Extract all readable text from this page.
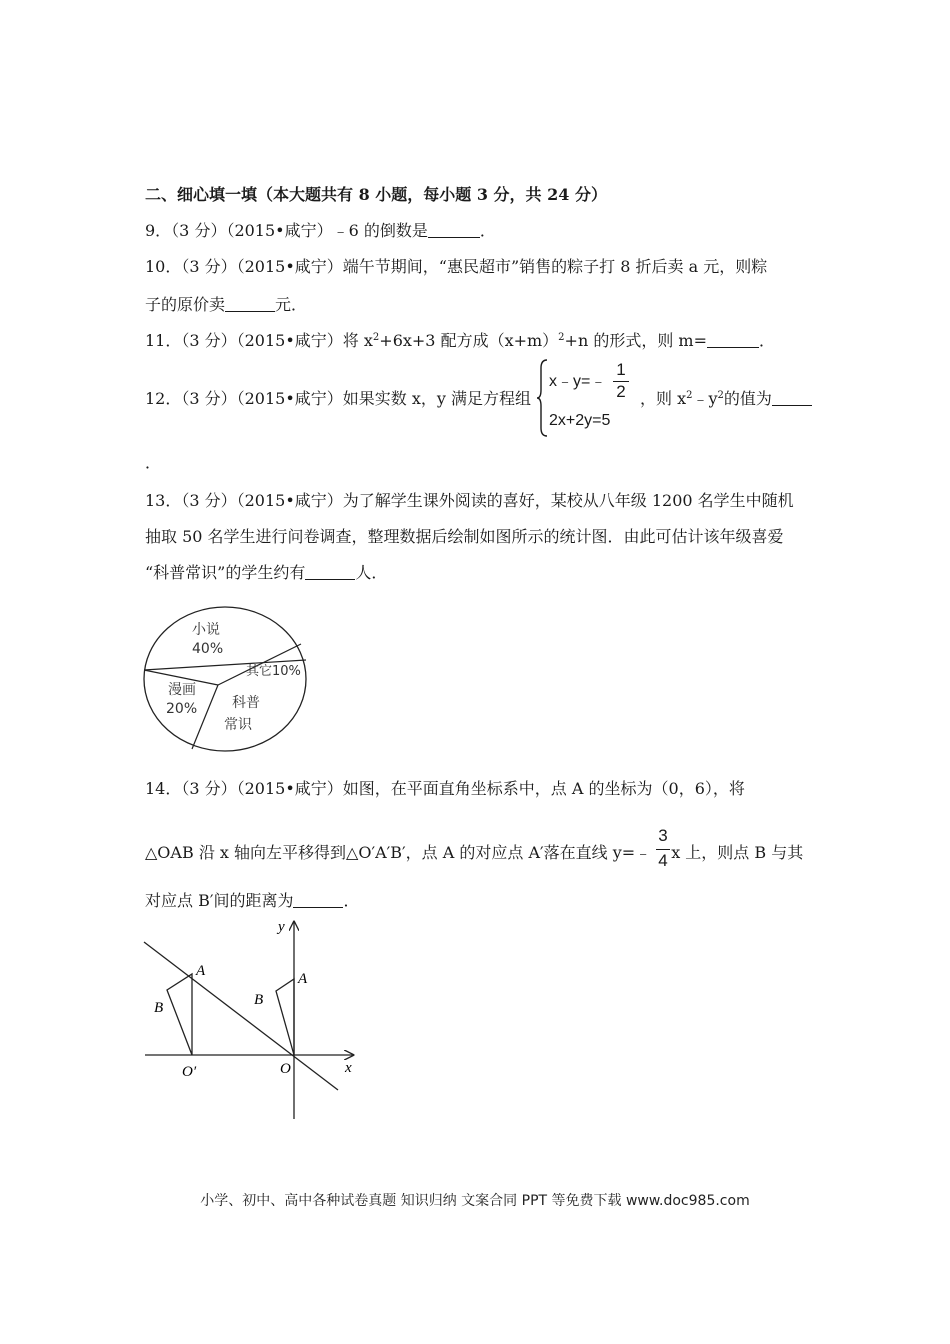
二、细心填一填（本大题共有 8 小题，每小题 3 分，共 24 分）
9．（3 分）（2015•咸宁）﹣6 的倒数是	．
10．（3 分）（2015•咸宁）端午节期间，“惠民超市”销售的粽子打 8 折后卖 a 元，则粽
子的原价卖	元．
11．（3 分）（2015•咸宁）将 $x^2+6x+3$ 配方成$(x+m)^2+n$ 的形式，则 m=	．
12．（3 分）（2015•咸宁）如果实数 x，y 满足方程组
x﹣y=﹣
1
2
2x+2y=5
，则 $x^2﹣y^2$的值为
．
13．（3 分）（2015•咸宁）为了解学生课外阅读的喜好，某校从八年级 1200 名学生中随机
抽取 50 名学生进行问卷调查，整理数据后绘制如图所示的统计图．由此可估计该年级喜爱
“科普常识”的学生约有	人．
小说
40%
其它10%
科普
常识
漫画
20%
14．（3 分）（2015•咸宁）如图，在平面直角坐标系中，点 A 的坐标为（0，6），将
△OAB 沿 x 轴向左平移得到△O′A′B′，点 A 的对应点 A′落在直线 y=﹣ x 上，则点 B 与其
3
4
对应点 B′间的距离为	．
y
x
O
O′
A
B
A
B
小学、初中、高中各种试卷真题 知识归纳 文案合同 PPT 等免费下载 www.doc985.com
